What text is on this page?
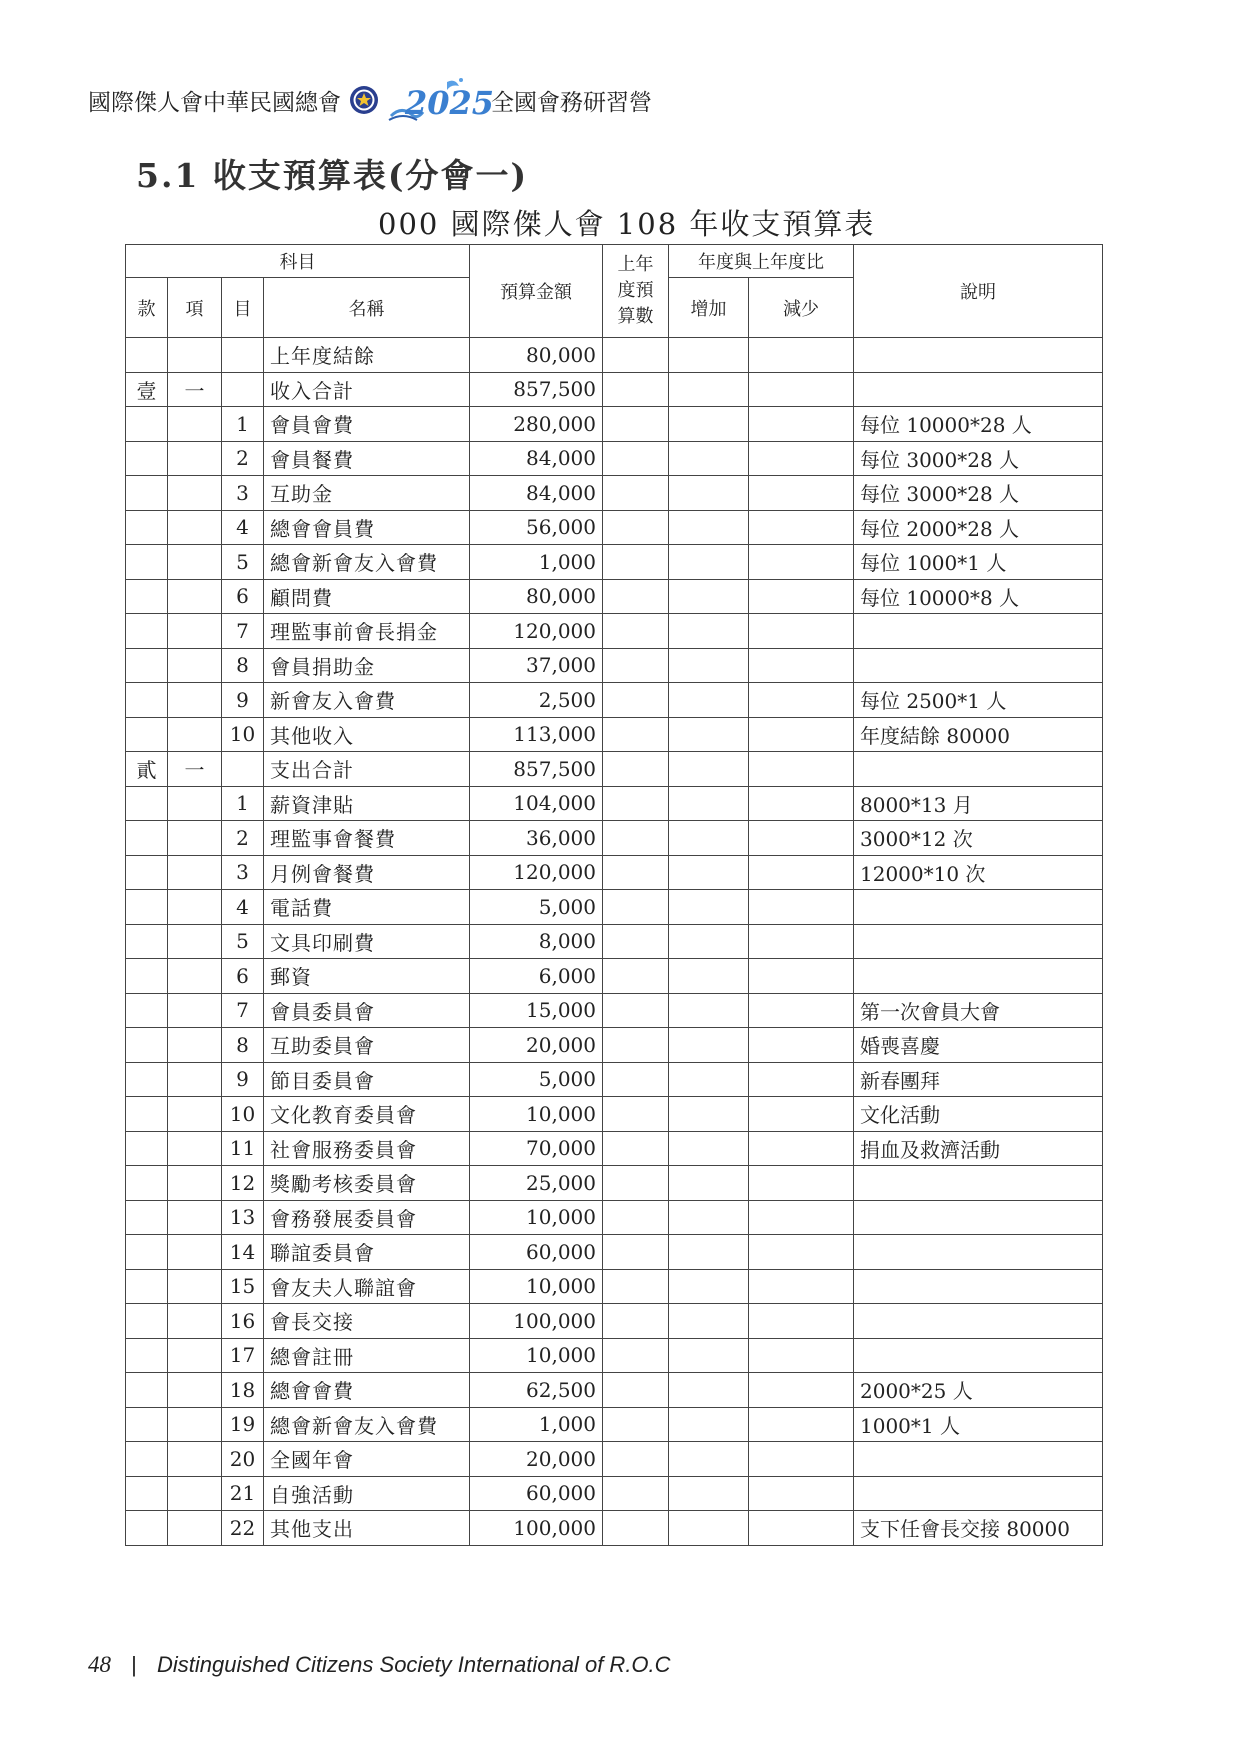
國際傑人會中華民國總會 2025
全國會務研習營
5.1 收支預算表(分會一)
000 國際傑人會 108 年收支預算表
科目				預算金額	上年度預算數	年度與上年度比		說明
款	項	目	名稱			增加	減少	
			上年度結餘	80,000				
壹	一		收入合計	857,500				
		1	會員會費	280,000				每位 10000*28 人
		2	會員餐費	84,000				每位 3000*28 人
		3	互助金	84,000				每位 3000*28 人
		4	總會會員費	56,000				每位 2000*28 人
		5	總會新會友入會費	1,000				每位 1000*1 人
		6	顧問費	80,000				每位 10000*8 人
		7	理監事前會長捐金	120,000				
		8	會員捐助金	37,000				
		9	新會友入會費	2,500				每位 2500*1 人
		10	其他收入	113,000				年度結餘 80000
貳	一		支出合計	857,500				
		1	薪資津貼	104,000				8000*13 月
		2	理監事會餐費	36,000				3000*12 次
		3	月例會餐費	120,000				12000*10 次
		4	電話費	5,000				
		5	文具印刷費	8,000				
		6	郵資	6,000				
		7	會員委員會	15,000				第一次會員大會
		8	互助委員會	20,000				婚喪喜慶
		9	節目委員會	5,000				新春團拜
		10	文化教育委員會	10,000				文化活動
		11	社會服務委員會	70,000				捐血及救濟活動
		12	獎勵考核委員會	25,000				
		13	會務發展委員會	10,000				
		14	聯誼委員會	60,000				
		15	會友夫人聯誼會	10,000				
		16	會長交接	100,000				
		17	總會註冊	10,000				
		18	總會會費	62,500				2000*25 人
		19	總會新會友入會費	1,000				1000*1 人
		20	全國年會	20,000				
		21	自強活動	60,000				
		22	其他支出	100,000				支下任會長交接 80000
48 | Distinguished Citizens Society International of R.O.C
